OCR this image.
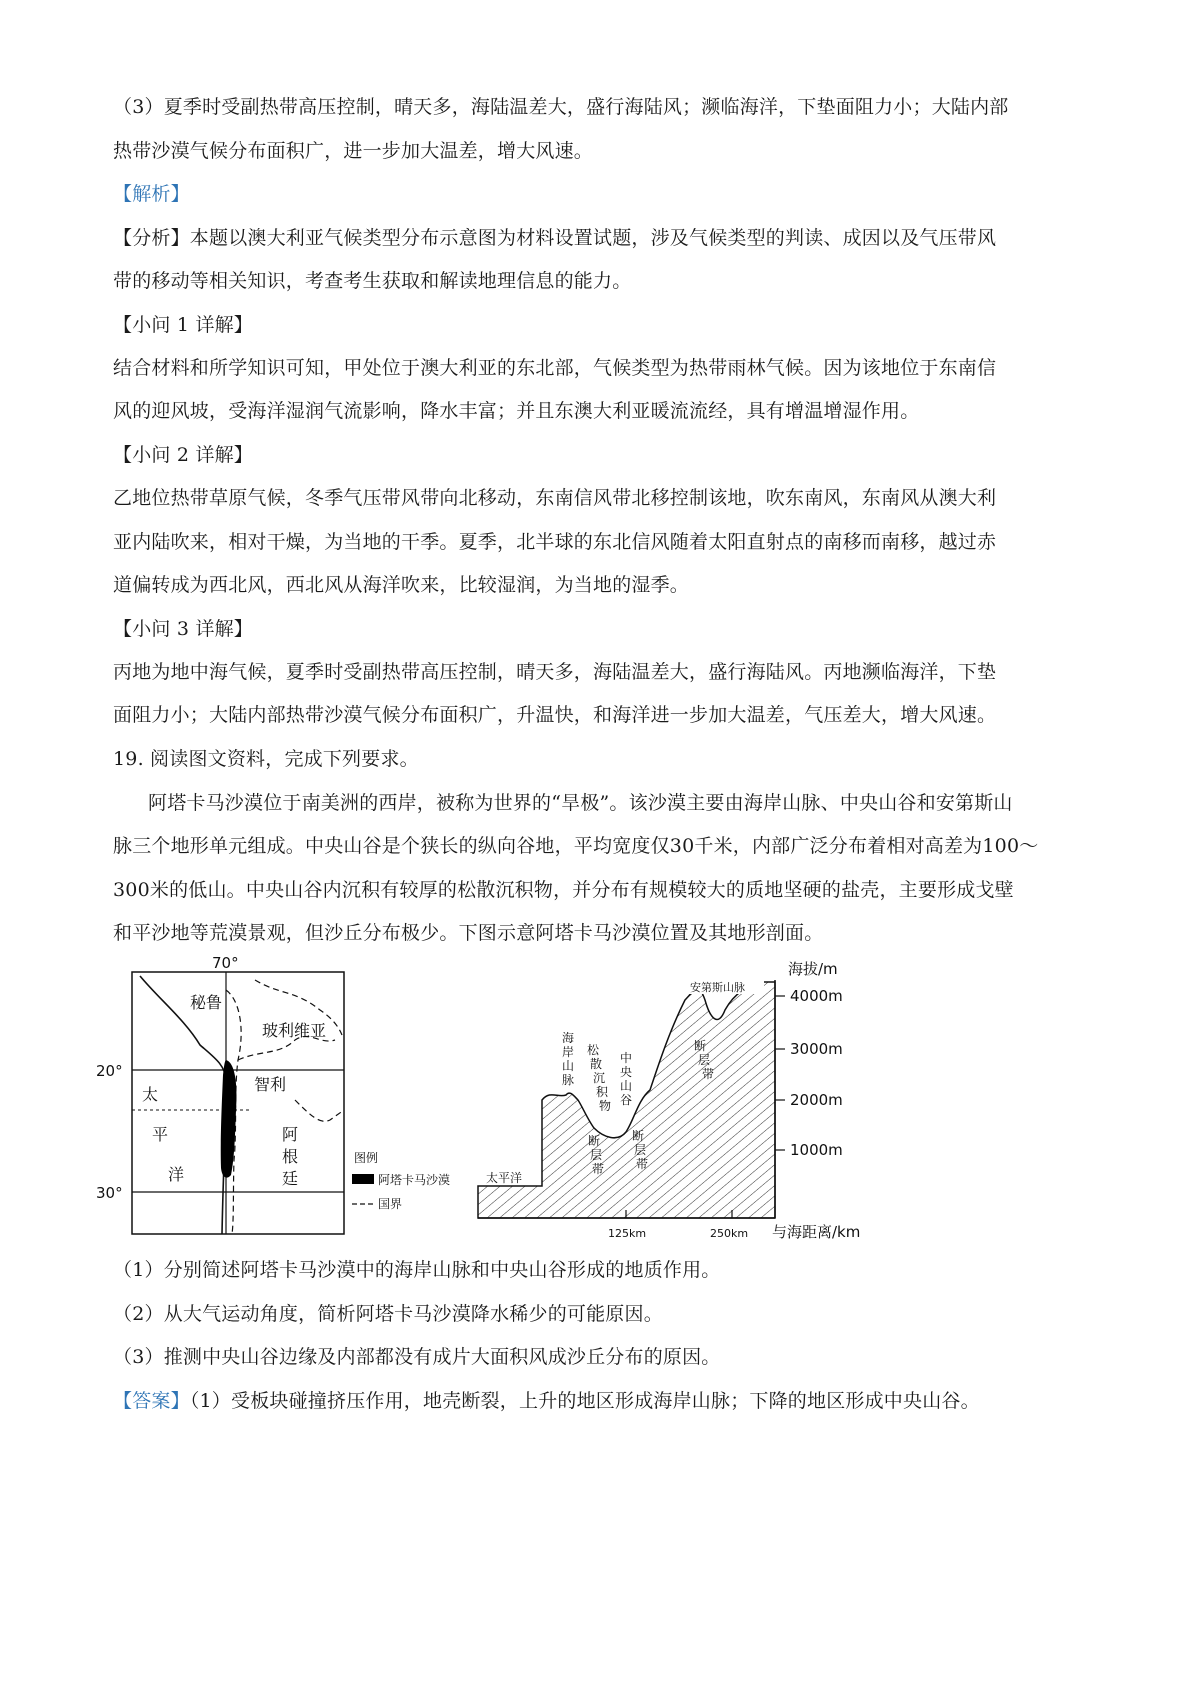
（3）夏季时受副热带高压控制，晴天多，海陆温差大，盛行海陆风；濒临海洋，下垫面阻力小；大陆内部
热带沙漠气候分布面积广，进一步加大温差，增大风速。
【解析】
【分析】本题以澳大利亚气候类型分布示意图为材料设置试题，涉及气候类型的判读、成因以及气压带风
带的移动等相关知识，考查考生获取和解读地理信息的能力。
【小问 1 详解】
结合材料和所学知识可知，甲处位于澳大利亚的东北部，气候类型为热带雨林气候。因为该地位于东南信
风的迎风坡，受海洋湿润气流影响，降水丰富；并且东澳大利亚暖流流经，具有增温增湿作用。
【小问 2 详解】
乙地位热带草原气候，冬季气压带风带向北移动，东南信风带北移控制该地，吹东南风，东南风从澳大利
亚内陆吹来，相对干燥，为当地的干季。夏季，北半球的东北信风随着太阳直射点的南移而南移，越过赤
道偏转成为西北风，西北风从海洋吹来，比较湿润，为当地的湿季。
【小问 3 详解】
丙地为地中海气候，夏季时受副热带高压控制，晴天多，海陆温差大，盛行海陆风。丙地濒临海洋，下垫
面阻力小；大陆内部热带沙漠气候分布面积广，升温快，和海洋进一步加大温差，气压差大，增大风速。
19. 阅读图文资料，完成下列要求。
阿塔卡马沙漠位于南美洲的西岸，被称为世界的“旱极”。该沙漠主要由海岸山脉、中央山谷和安第斯山
脉三个地形单元组成。中央山谷是个狭长的纵向谷地，平均宽度仅30千米，内部广泛分布着相对高差为100～
300米的低山。中央山谷内沉积有较厚的松散沉积物，并分布有规模较大的质地坚硬的盐壳，主要形成戈壁
和平沙地等荒漠景观，但沙丘分布极少。下图示意阿塔卡马沙漠位置及其地形剖面。
70°
20°
30°
秘鲁
玻利维亚
智利
太
平
洋
阿
根
廷
图例
阿塔卡马沙漠
国界
海拔/m
4000m
3000m
2000m
1000m
125km	250km 与海距离/km
太平洋
海
岸
山
脉
松
散
沉
积
物
中
央
山
谷
断
层
带
断
层
带
断
层
带
安第斯山脉
（1）分别简述阿塔卡马沙漠中的海岸山脉和中央山谷形成的地质作用。
（2）从大气运动角度，简析阿塔卡马沙漠降水稀少的可能原因。
（3）推测中央山谷边缘及内部都没有成片大面积风成沙丘分布的原因。
【答案】（1）受板块碰撞挤压作用，地壳断裂，上升的地区形成海岸山脉；下降的地区形成中央山谷。
